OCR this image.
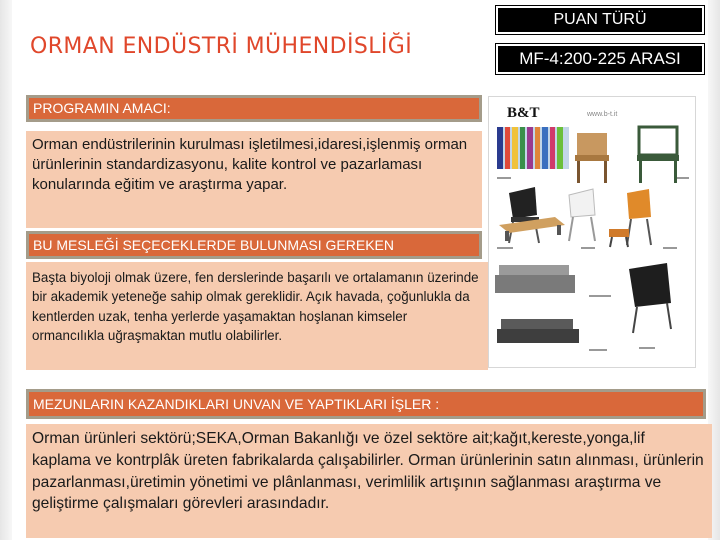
ORMAN ENDÜSTRİ MÜHENDİSLİĞİ
PUAN TÜRÜ
MF-4:200-225 ARASI
PROGRAMIN AMACI:
Orman endüstrilerinin kurulması işletilmesi,idaresi,işlenmiş orman ürünlerinin standardizasyonu, kalite kontrol ve pazarlaması konularında eğitim ve araştırma yapar.
BU MESLEĞİ SEÇECEKLERDE BULUNMASI GEREKEN
Başta biyoloji olmak üzere, fen derslerinde başarılı ve ortalamanın üzerinde bir akademik yeteneğe sahip olmak gereklidir. Açık havada, çoğunlukla da kentlerden uzak, tenha yerlerde yaşamaktan hoşlanan kimseler ormancılıkla uğraşmaktan mutlu olabilirler.
MEZUNLARIN KAZANDIKLARI UNVAN VE YAPTIKLARI İŞLER :
Orman ürünleri sektörü;SEKA,Orman Bakanlığı ve özel sektöre ait;kağıt,kereste,yonga,lif kaplama ve kontrplâk üreten fabrikalarda çalışabilirler. Orman ürünlerinin satın alınması, ürünlerin pazarlanması,üretimin yönetimi ve plânlanması, verimlilik artışının sağlanması araştırma ve geliştirme çalışmaları görevleri arasındadır.
B&T	www.b-t.it
